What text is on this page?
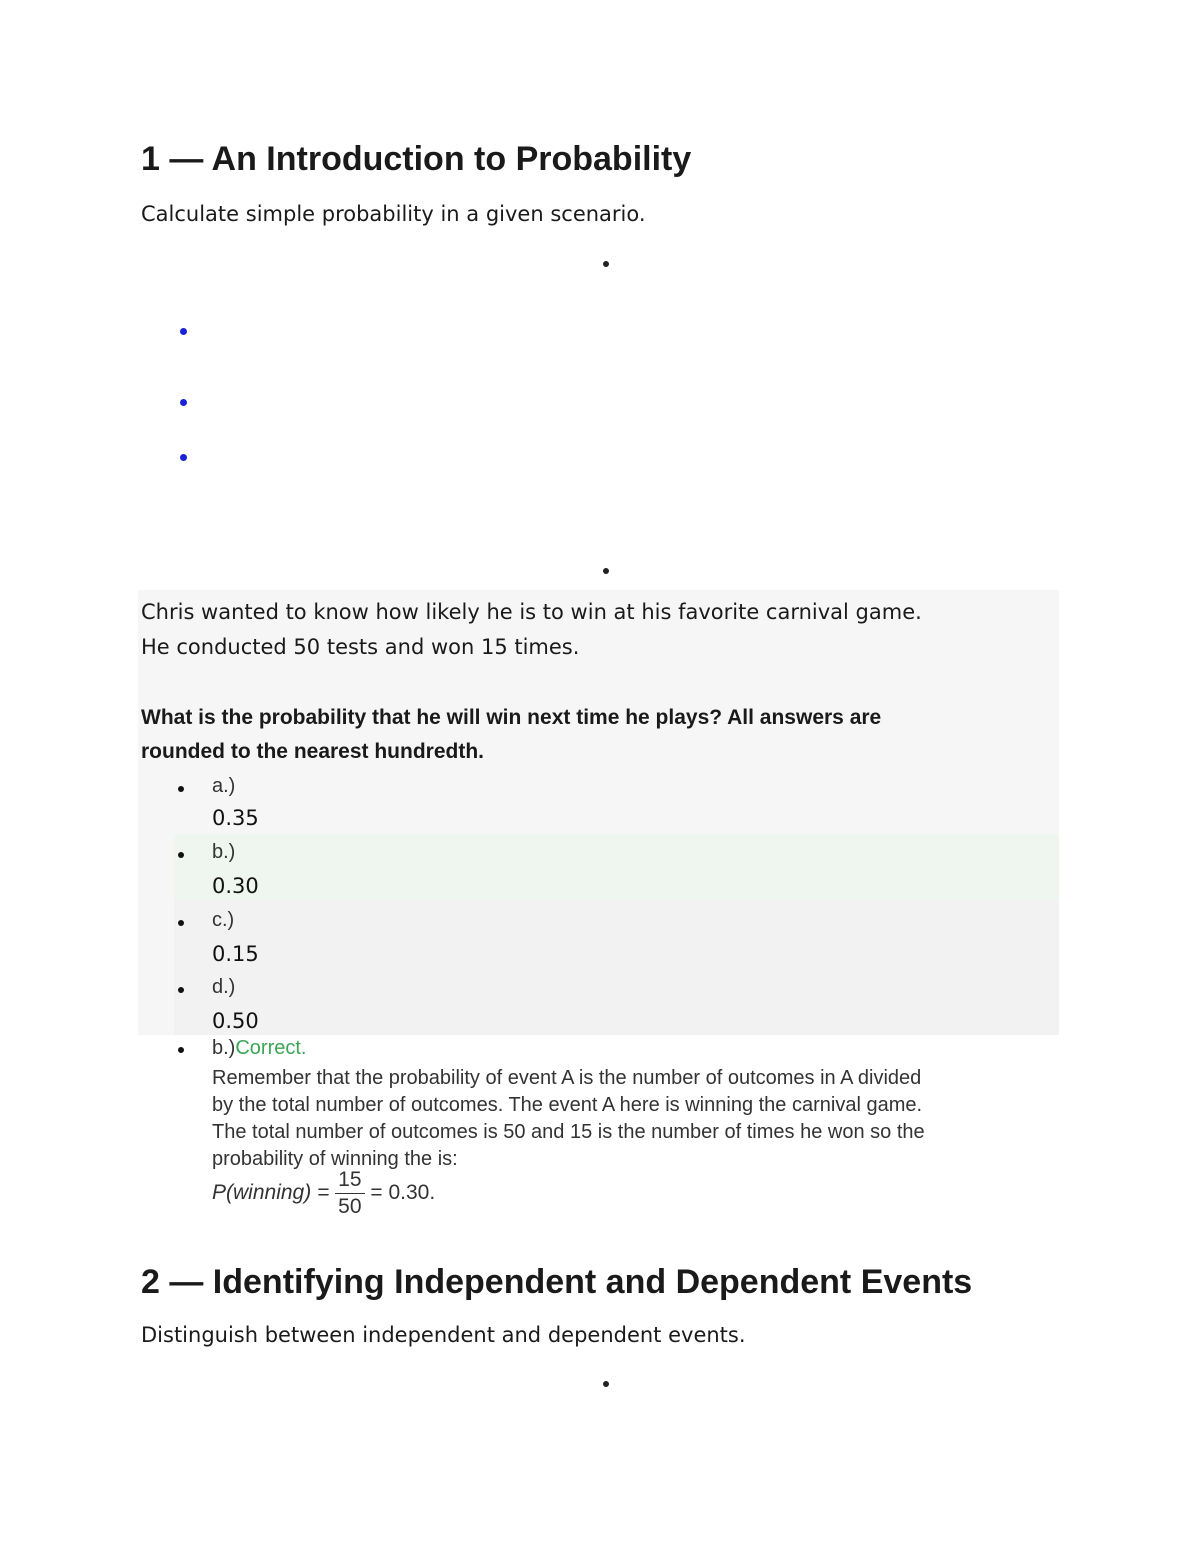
1 — An Introduction to Probability
Calculate simple probability in a given scenario.
Chris wanted to know how likely he is to win at his favorite carnival game.
He conducted 50 tests and won 15 times.
What is the probability that he will win next time he plays? All answers are
rounded to the nearest hundredth.
a.)
0.35
b.)
0.30
c.)
0.15
d.)
0.50
b.)Correct.
Remember that the probability of event A is the number of outcomes in A divided
by the total number of outcomes. The event A here is winning the carnival game.
The total number of outcomes is 50 and 15 is the number of times he won so the
probability of winning the is:
P(winning) = $\frac{15}{50} = 0.30$.
2 — Identifying Independent and Dependent Events
Distinguish between independent and dependent events.
